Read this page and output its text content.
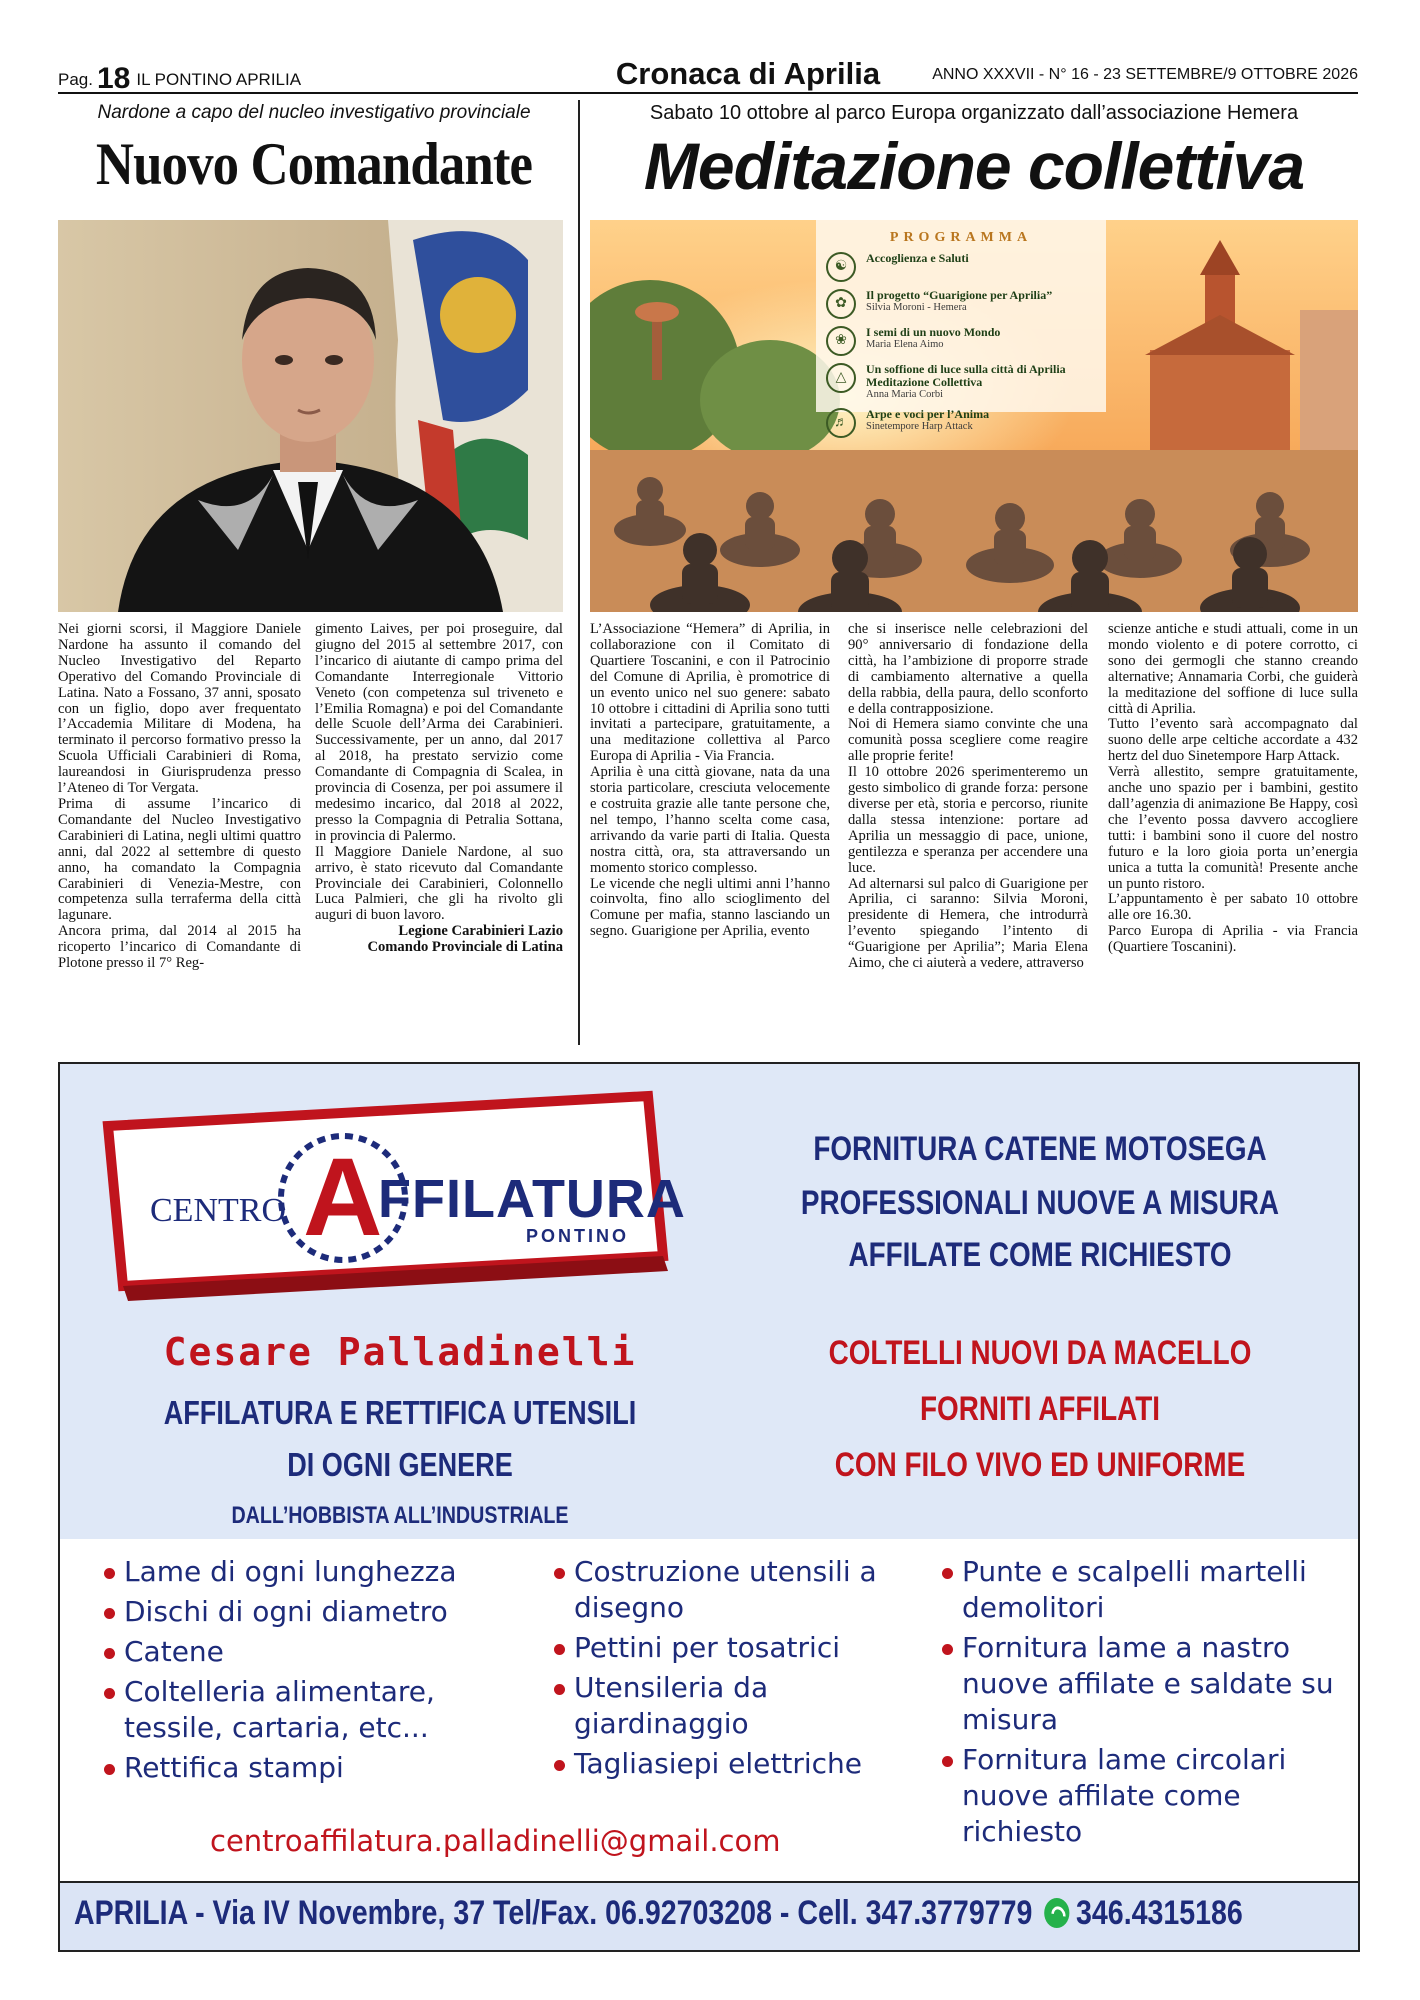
Pag. 18 IL PONTINO APRILIA	Cronaca di Aprilia	ANNO XXXVII - N° 16 - 23 SETTEMBRE/9 OTTOBRE 2026
Nardone a capo del nucleo investigativo provinciale
Nuovo Comandante

Nei giorni scorsi, il Maggiore Daniele Nardone ha assunto il comando del Nucleo Investigativo del Reparto Operativo del Comando Provinciale di Latina. Nato a Fossano, 37 anni, sposato con un figlio, dopo aver frequentato l’Accademia Militare di Modena, ha terminato il percorso formativo presso la Scuola Ufficiali Carabinieri di Roma, laureandosi in Giurisprudenza presso l’Ateneo di Tor Vergata.

Prima di assume l’incarico di Comandante del Nucleo Investigativo Carabinieri di Latina, negli ultimi quattro anni, dal 2022 al settembre di questo anno, ha comandato la Compagnia Carabinieri di Venezia-Mestre, con competenza sulla terraferma della città lagunare.

Ancora prima, dal 2014 al 2015 ha ricoperto l’incarico di Comandante di Plotone presso il 7° Reg-

gimento Laives, per poi proseguire, dal giugno del 2015 al settembre 2017, con l’incarico di aiutante di campo prima del Comandante Interregionale Vittorio Veneto (con competenza sul triveneto e l’Emilia Romagna) e poi del Comandante delle Scuole dell’Arma dei Carabinieri. Successivamente, per un anno, dal 2017 al 2018, ha prestato servizio come Comandante di Compagnia di Scalea, in provincia di Cosenza, per poi assumere il medesimo incarico, dal 2018 al 2022, presso la Compagnia di Petralia Sottana, in provincia di Palermo.

Il Maggiore Daniele Nardone, al suo arrivo, è stato ricevuto dal Comandante Provinciale dei Carabinieri, Colonnello Luca Palmieri, che gli ha rivolto gli auguri di buon lavoro.

Legione Carabinieri Lazio

Comando Provinciale di Latina

Sabato 10 ottobre al parco Europa organizzato dall’associazione Hemera
Meditazione collettiva
PROGRAMMA
☯
Accoglienza e Saluti
✿
Il progetto “Guarigione per Aprilia”
Silvia Moroni - Hemera
❀
I semi di un nuovo Mondo
Maria Elena Aimo
△
Un soffione di luce sulla città di Aprilia Meditazione Collettiva
Anna Maria Corbi
♬
Arpe e voci per l’Anima
Sinetempore Harp Attack

L’Associazione “Hemera” di Aprilia, in collaborazione con il Comitato di Quartiere Toscanini, e con il Patrocinio del Comune di Aprilia, è promotrice di un evento unico nel suo genere: sabato 10 ottobre i cittadini di Aprilia sono tutti invitati a partecipare, gratuitamente, a una meditazione collettiva al Parco Europa di Aprilia - Via Francia.

Aprilia è una città giovane, nata da una storia particolare, cresciuta velocemente e costruita grazie alle tante persone che, nel tempo, l’hanno scelta come casa, arrivando da varie parti di Italia. Questa nostra città, ora, sta attraversando un momento storico complesso.

Le vicende che negli ultimi anni l’hanno coinvolta, fino allo scioglimento del Comune per mafia, stanno lasciando un segno. Guarigione per Aprilia, evento

che si inserisce nelle celebrazioni del 90° anniversario di fondazione della città, ha l’ambizione di proporre strade di cambiamento alternative a quella della rabbia, della paura, dello sconforto e della contrapposizione.

Noi di Hemera siamo convinte che una comunità possa scegliere come reagire alle proprie ferite!

Il 10 ottobre 2026 sperimenteremo un gesto simbolico di grande forza: persone diverse per età, storia e percorso, riunite dalla stessa intenzione: portare ad Aprilia un messaggio di pace, unione, gentilezza e speranza per accendere una luce.

Ad alternarsi sul palco di Guarigione per Aprilia, ci saranno: Silvia Moroni, presidente di Hemera, che introdurrà l’evento spiegando l’intento di “Guarigione per Aprilia”; Maria Elena Aimo, che ci aiuterà a vedere, attraverso

scienze antiche e studi attuali, come in un mondo violento e di potere corrotto, ci sono dei germogli che stanno creando alternative; Annamaria Corbi, che guiderà la meditazione del soffione di luce sulla città di Aprilia.

Tutto l’evento sarà accompagnato dal suono delle arpe celtiche accordate a 432 hertz del duo Sinetempore Harp Attack.

Verrà allestito, sempre gratuitamente, anche uno spazio per i bambini, gestito dall’agenzia di animazione Be Happy, così che l’evento possa davvero accogliere tutti: i bambini sono il cuore del nostro futuro e la loro gioia porta un’energia unica a tutta la comunità! Presente anche un punto ristoro.

L’appuntamento è per sabato 10 ottobre alle ore 16.30.

Parco Europa di Aprilia - via Francia (Quartiere Toscanini).

CENTRO A
FFILATURA
PONTINO
Cesare Palladinelli
AFFILATURA E RETTIFICA UTENSILI
DI OGNI GENERE
DALL’HOBBISTA ALL’INDUSTRIALE
FORNITURA CATENE MOTOSEGA
PROFESSIONALI NUOVE A MISURA
AFFILATE COME RICHIESTO
COLTELLI NUOVI DA MACELLO
FORNITI AFFILATI
CON FILO VIVO ED UNIFORME
Lame di ogni lunghezza
Dischi di ogni diametro
Catene
Coltelleria alimentare, tessile, cartaria, etc...
Rettifica stampi
Costruzione utensili a disegno
Pettini per tosatrici
Utensileria da giardinaggio
Tagliasiepi elettriche
Punte e scalpelli martelli demolitori
Fornitura lame a nastro nuove affilate e saldate su misura
Fornitura lame circolari nuove affilate come richiesto
centroaffilatura.palladinelli@gmail.com
APRILIA - Via IV Novembre, 37 Tel/Fax. 06.92703208 - Cell. 347.3779779 346.4315186
